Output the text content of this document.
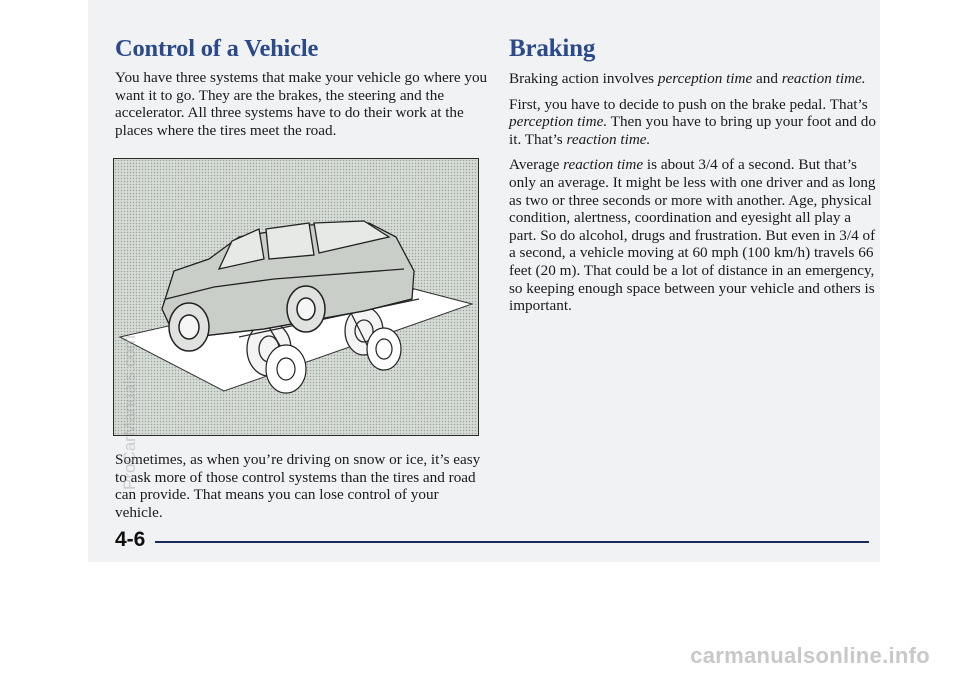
Control of a Vehicle

You have three systems that make your vehicle go where you want it to go. They are the brakes, the steering and the accelerator. All three systems have to do their work at the places where the tires meet the road.

Sometimes, as when you’re driving on snow or ice, it’s easy to ask more of those control systems than the tires and road can provide. That means you can lose control of your vehicle.

Braking

Braking action involves perception time and reaction time.

First, you have to decide to push on the brake pedal. That’s perception time. Then you have to bring up your foot and do it. That’s reaction time.

Average reaction time is about 3/4 of a second. But that’s only an average. It might be less with one driver and as long as two or three seconds or more with another. Age, physical condition, alertness, coordination and eyesight all play a part. So do alcohol, drugs and frustration. But even in 3/4 of a second, a vehicle moving at 60 mph (100 km/h) travels 66 feet (20 m). That could be a lot of distance in an emergency, so keeping enough space between your vehicle and others is important.

4-6
ProCarManuals.com
carmanualsonline.info
